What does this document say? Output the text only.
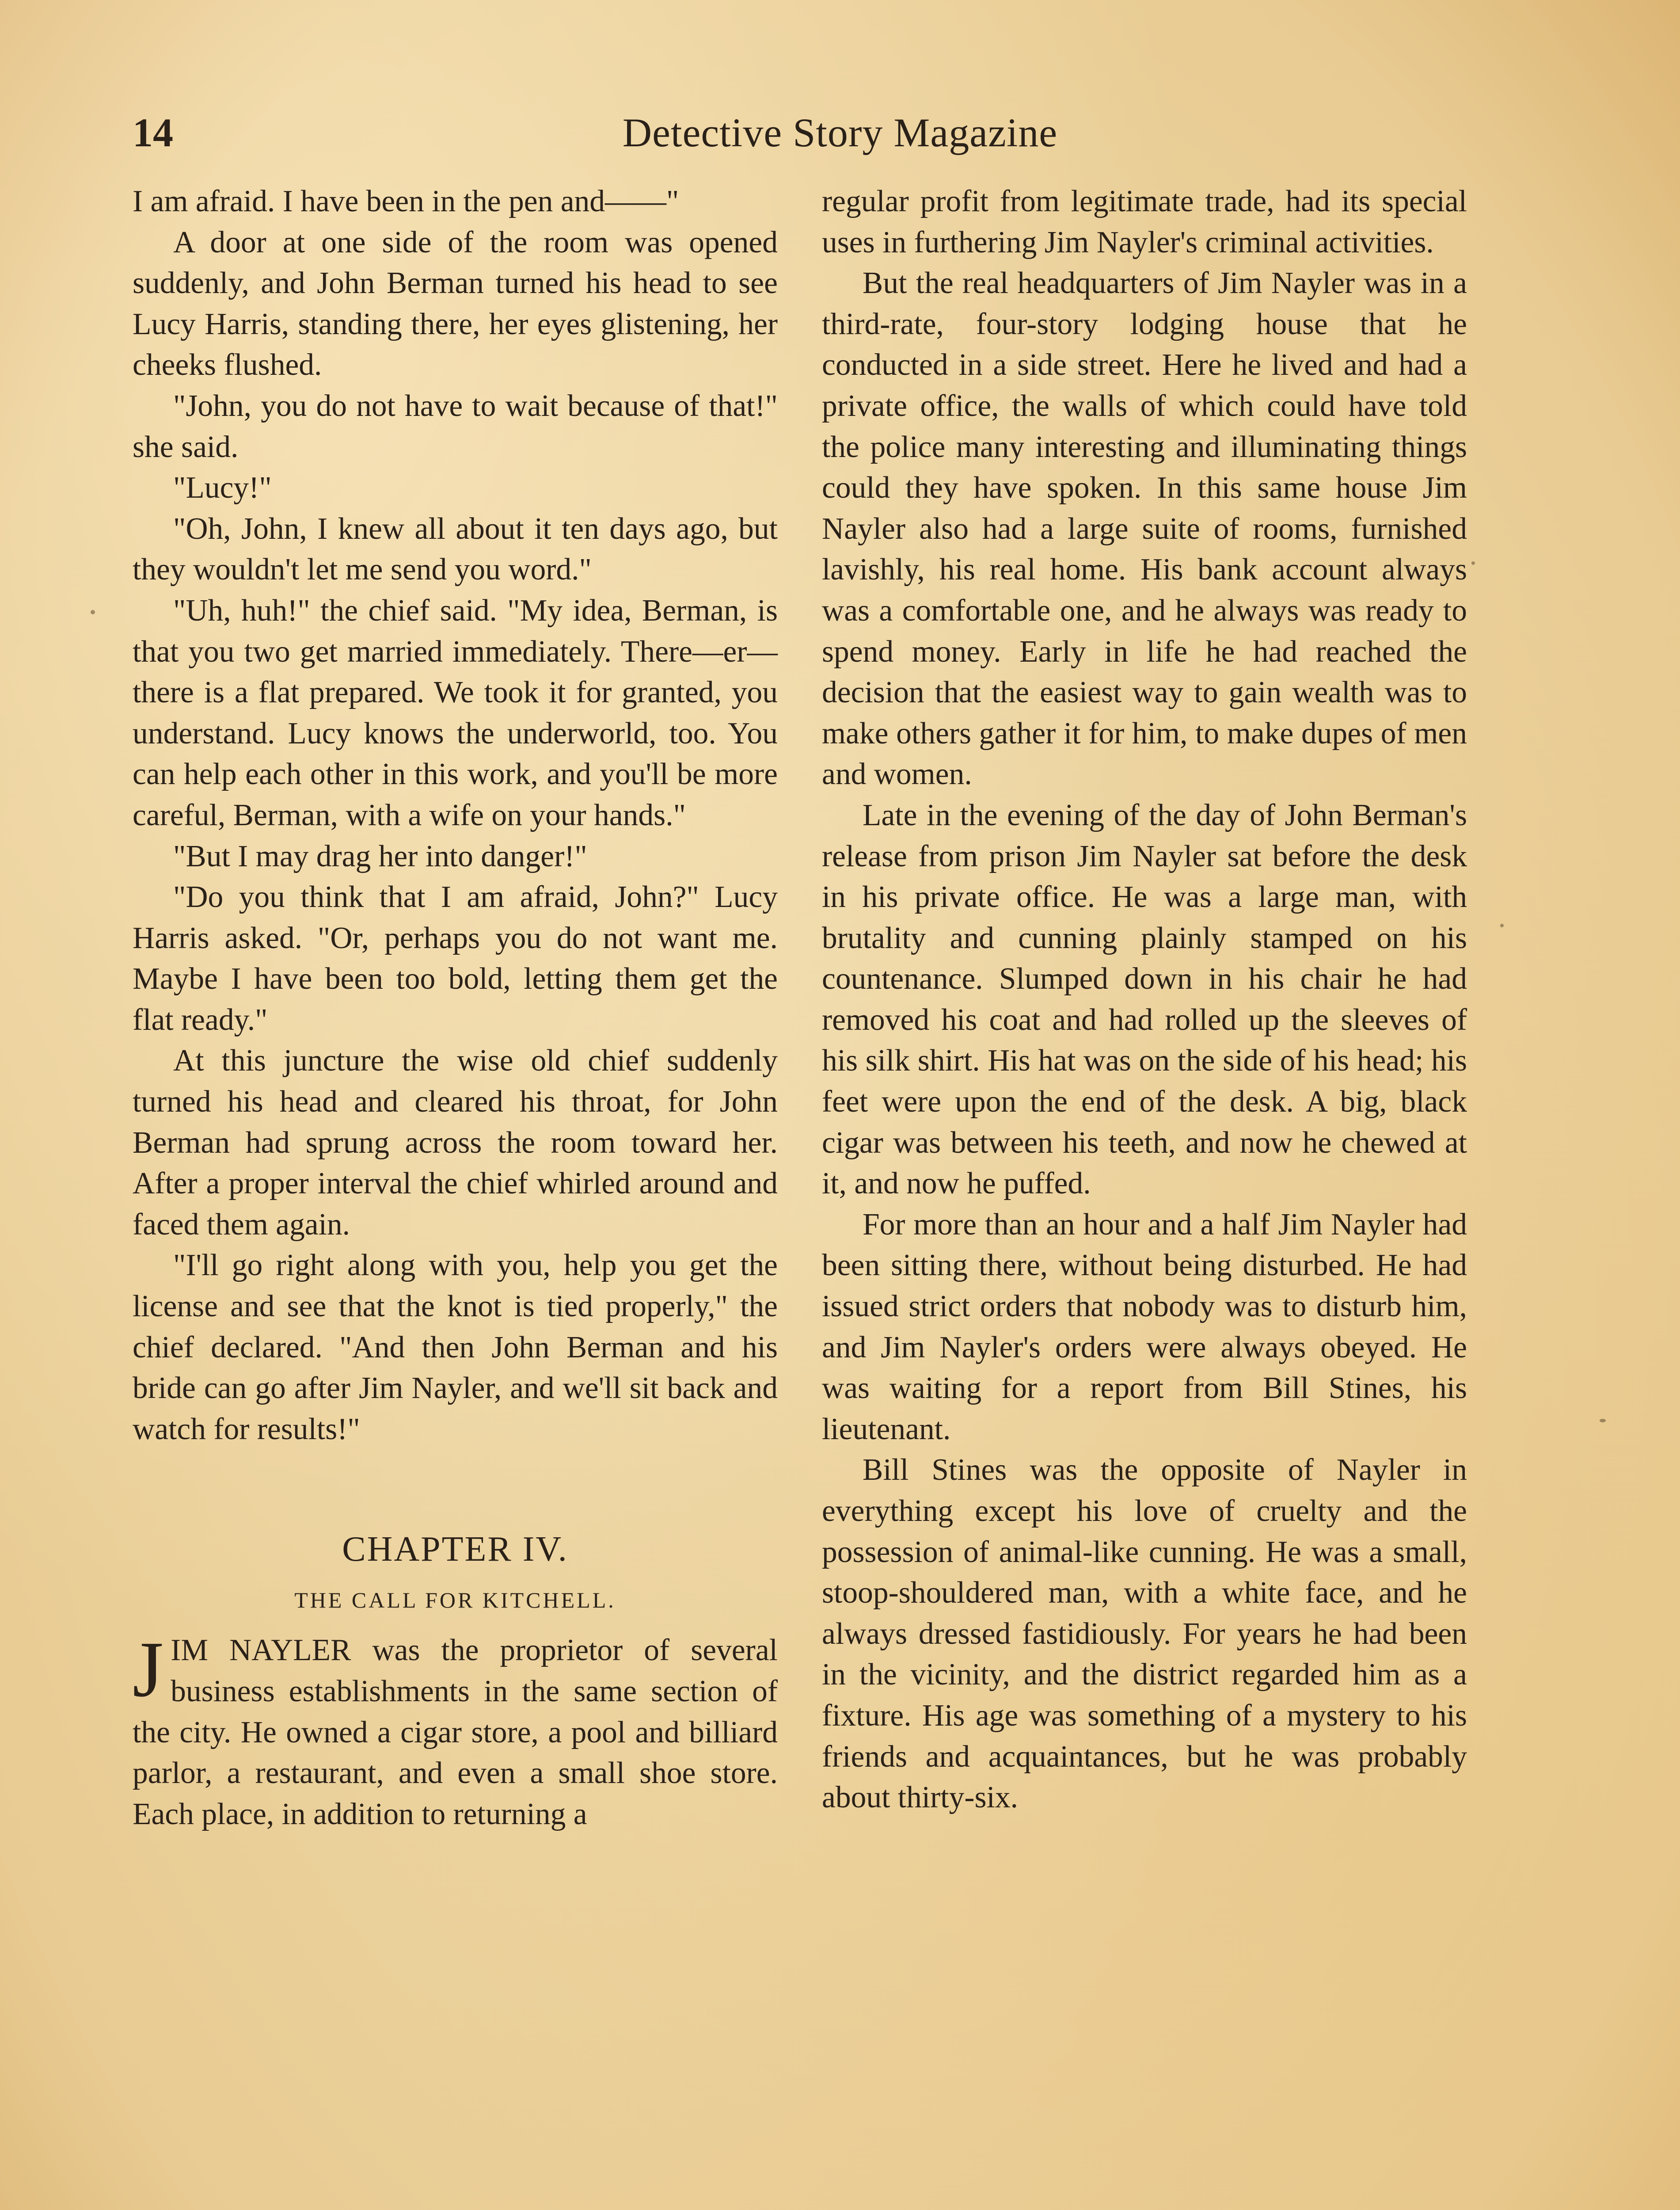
14	Detective Story Magazine

I am afraid. I have been in the pen and——"

A door at one side of the room was opened suddenly, and John Berman turned his head to see Lucy Harris, standing there, her eyes glistening, her cheeks flushed.

"John, you do not have to wait because of that!" she said.

"Lucy!"

"Oh, John, I knew all about it ten days ago, but they wouldn't let me send you word."

"Uh, huh!" the chief said. "My idea, Berman, is that you two get married immediately. There—er—there is a flat prepared. We took it for granted, you understand. Lucy knows the underworld, too. You can help each other in this work, and you'll be more careful, Berman, with a wife on your hands."

"But I may drag her into danger!"

"Do you think that I am afraid, John?" Lucy Harris asked. "Or, perhaps you do not want me. Maybe I have been too bold, letting them get the flat ready."

At this juncture the wise old chief suddenly turned his head and cleared his throat, for John Berman had sprung across the room toward her. After a proper interval the chief whirled around and faced them again.

"I'll go right along with you, help you get the license and see that the knot is tied properly," the chief declared. "And then John Berman and his bride can go after Jim Nayler, and we'll sit back and watch for results!"

CHAPTER IV.
THE CALL FOR KITCHELL.

JIM NAYLER was the proprietor of several business establishments in the same section of the city. He owned a cigar store, a pool and billiard parlor, a restaurant, and even a small shoe store. Each place, in addition to returning a

regular profit from legitimate trade, had its special uses in furthering Jim Nayler's criminal activities.

But the real headquarters of Jim Nayler was in a third-rate, four-story lodging house that he conducted in a side street. Here he lived and had a private office, the walls of which could have told the police many interesting and illuminating things could they have spoken. In this same house Jim Nayler also had a large suite of rooms, furnished lavishly, his real home. His bank account always was a comfortable one, and he always was ready to spend money. Early in life he had reached the decision that the easiest way to gain wealth was to make others gather it for him, to make dupes of men and women.

Late in the evening of the day of John Berman's release from prison Jim Nayler sat before the desk in his private office. He was a large man, with brutality and cunning plainly stamped on his countenance. Slumped down in his chair he had removed his coat and had rolled up the sleeves of his silk shirt. His hat was on the side of his head; his feet were upon the end of the desk. A big, black cigar was between his teeth, and now he chewed at it, and now he puffed.

For more than an hour and a half Jim Nayler had been sitting there, without being disturbed. He had issued strict orders that nobody was to disturb him, and Jim Nayler's orders were always obeyed. He was waiting for a report from Bill Stines, his lieutenant.

Bill Stines was the opposite of Nayler in everything except his love of cruelty and the possession of animal-like cunning. He was a small, stoop-shouldered man, with a white face, and he always dressed fastidiously. For years he had been in the vicinity, and the district regarded him as a fixture. His age was something of a mystery to his friends and acquaintances, but he was probably about thirty-six.
